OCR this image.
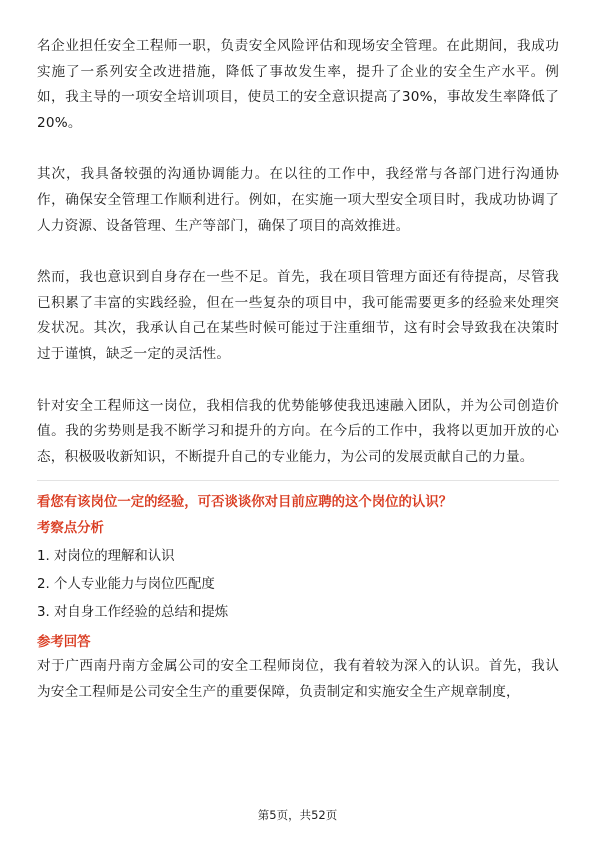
名企业担任安全工程师一职，负责安全风险评估和现场安全管理。在此期间，我成功实施了一系列安全改进措施，降低了事故发生率，提升了企业的安全生产水平。例如，我主导的一项安全培训项目，使员工的安全意识提高了30%，事故发生率降低了20%。

其次，我具备较强的沟通协调能力。在以往的工作中，我经常与各部门进行沟通协作，确保安全管理工作顺利进行。例如，在实施一项大型安全项目时，我成功协调了人力资源、设备管理、生产等部门，确保了项目的高效推进。

然而，我也意识到自身存在一些不足。首先，我在项目管理方面还有待提高，尽管我已积累了丰富的实践经验，但在一些复杂的项目中，我可能需要更多的经验来处理突发状况。其次，我承认自己在某些时候可能过于注重细节，这有时会导致我在决策时过于谨慎，缺乏一定的灵活性。

针对安全工程师这一岗位，我相信我的优势能够使我迅速融入团队，并为公司创造价值。我的劣势则是我不断学习和提升的方向。在今后的工作中，我将以更加开放的心态，积极吸收新知识，不断提升自己的专业能力，为公司的发展贡献自己的力量。

看您有该岗位一定的经验，可否谈谈你对目前应聘的这个岗位的认识？
考察点分析
1. 对岗位的理解和认识
2. 个人专业能力与岗位匹配度
3. 对自身工作经验的总结和提炼
参考回答
对于广西南丹南方金属公司的安全工程师岗位，我有着较为深入的认识。首先，我认为安全工程师是公司安全生产的重要保障，负责制定和实施安全生产规章制度，
第5页，共52页
